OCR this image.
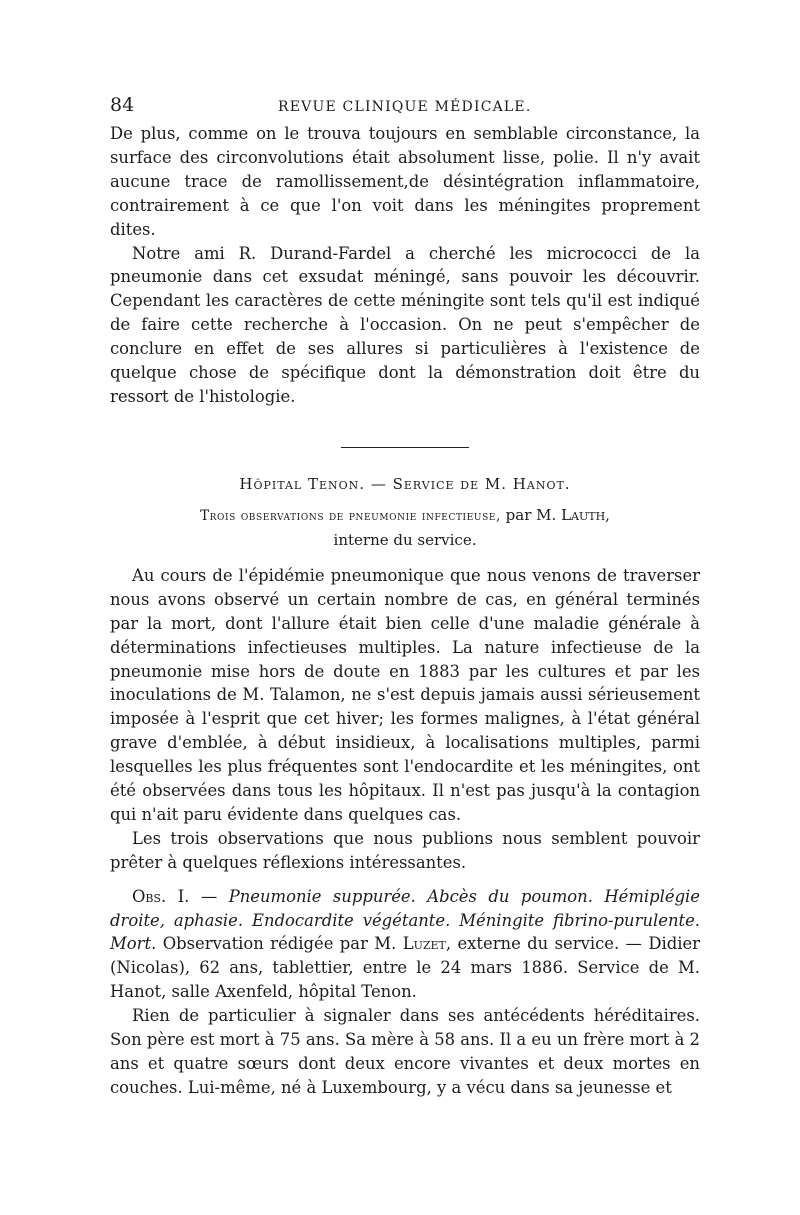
84	REVUE CLINIQUE MÉDICALE.

De plus, comme on le trouva toujours en semblable circonstance, la surface des circonvolutions était absolument lisse, polie. Il n'y avait aucune trace de ramollissement,de désintégration inflammatoire, contrairement à ce que l'on voit dans les méningites proprement dites.

Notre ami R. Durand-Fardel a cherché les micrococci de la pneumonie dans cet exsudat méningé, sans pouvoir les découvrir. Cependant les caractères de cette méningite sont tels qu'il est indiqué de faire cette recherche à l'occasion. On ne peut s'empêcher de conclure en effet de ses allures si particulières à l'existence de quelque chose de spécifique dont la démonstration doit être du ressort de l'histologie.

Hôpital Tenon. — Service de M. Hanot.
Trois observations de pneumonie infectieuse, par M. Lauth,
interne du service.

Au cours de l'épidémie pneumonique que nous venons de traverser nous avons observé un certain nombre de cas, en général terminés par la mort, dont l'allure était bien celle d'une maladie générale à déterminations infectieuses multiples. La nature infectieuse de la pneumonie mise hors de doute en 1883 par les cultures et par les inoculations de M. Talamon, ne s'est depuis jamais aussi sérieusement imposée à l'esprit que cet hiver; les formes malignes, à l'état général grave d'emblée, à début insidieux, à localisations multiples, parmi lesquelles les plus fréquentes sont l'endocardite et les méningites, ont été observées dans tous les hôpitaux. Il n'est pas jusqu'à la contagion qui n'ait paru évidente dans quelques cas.

Les trois observations que nous publions nous semblent pouvoir prêter à quelques réflexions intéressantes.

Obs. I. — Pneumonie suppurée. Abcès du poumon. Hémiplégie droite, aphasie. Endocardite végétante. Méningite fibrino-purulente. Mort. Observation rédigée par M. Luzet, externe du service. — Didier (Nicolas), 62 ans, tablettier, entre le 24 mars 1886. Service de M. Hanot, salle Axenfeld, hôpital Tenon.

Rien de particulier à signaler dans ses antécédents héréditaires. Son père est mort à 75 ans. Sa mère à 58 ans. Il a eu un frère mort à 2 ans et quatre sœurs dont deux encore vivantes et deux mortes en couches. Lui-même, né à Luxembourg, y a vécu dans sa jeunesse et
